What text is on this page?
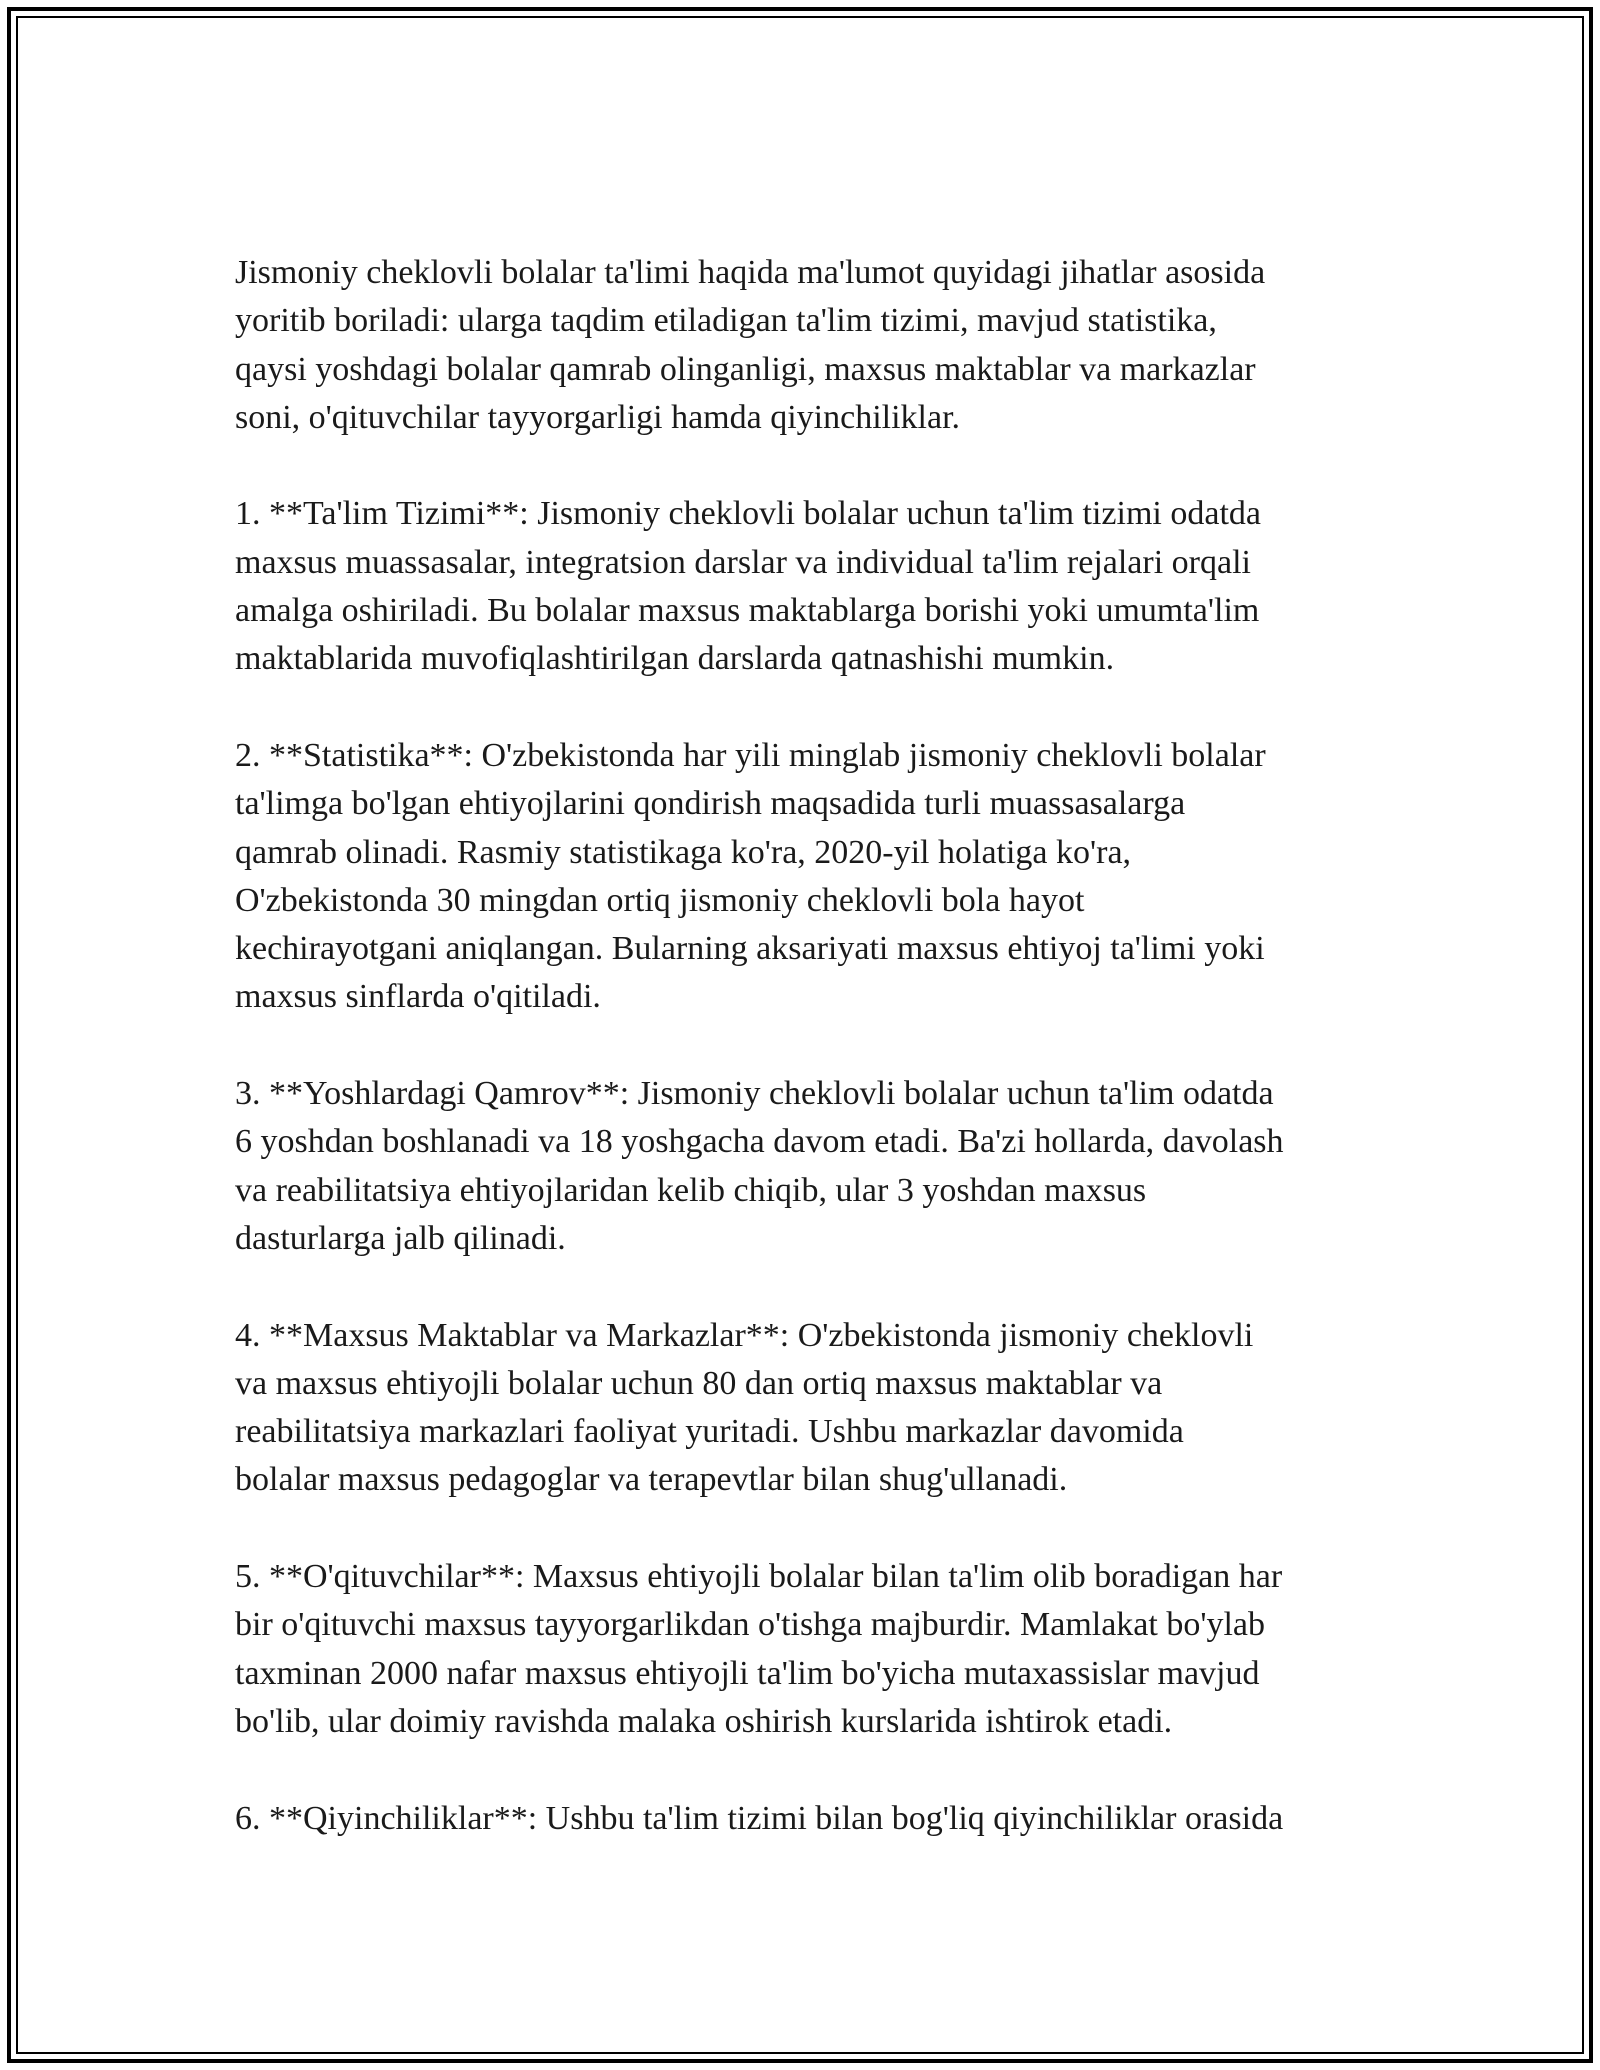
Jismoniy cheklovli bolalar ta'limi haqida ma'lumot quyidagi jihatlar asosida
yoritib boriladi: ularga taqdim etiladigan ta'lim tizimi, mavjud statistika,
qaysi yoshdagi bolalar qamrab olinganligi, maxsus maktablar va markazlar
soni, o'qituvchilar tayyorgarligi hamda qiyinchiliklar.

1. **Ta'lim Tizimi**: Jismoniy cheklovli bolalar uchun ta'lim tizimi odatda
maxsus muassasalar, integratsion darslar va individual ta'lim rejalari orqali
amalga oshiriladi. Bu bolalar maxsus maktablarga borishi yoki umumta'lim
maktablarida muvofiqlashtirilgan darslarda qatnashishi mumkin.

2. **Statistika**: O'zbekistonda har yili minglab jismoniy cheklovli bolalar
ta'limga bo'lgan ehtiyojlarini qondirish maqsadida turli muassasalarga
qamrab olinadi. Rasmiy statistikaga ko'ra, 2020-yil holatiga ko'ra,
O'zbekistonda 30 mingdan ortiq jismoniy cheklovli bola hayot
kechirayotgani aniqlangan. Bularning aksariyati maxsus ehtiyoj ta'limi yoki
maxsus sinflarda o'qitiladi.

3. **Yoshlardagi Qamrov**: Jismoniy cheklovli bolalar uchun ta'lim odatda
6 yoshdan boshlanadi va 18 yoshgacha davom etadi. Ba'zi hollarda, davolash
va reabilitatsiya ehtiyojlaridan kelib chiqib, ular 3 yoshdan maxsus
dasturlarga jalb qilinadi.

4. **Maxsus Maktablar va Markazlar**: O'zbekistonda jismoniy cheklovli
va maxsus ehtiyojli bolalar uchun 80 dan ortiq maxsus maktablar va
reabilitatsiya markazlari faoliyat yuritadi. Ushbu markazlar davomida
bolalar maxsus pedagoglar va terapevtlar bilan shug'ullanadi.

5. **O'qituvchilar**: Maxsus ehtiyojli bolalar bilan ta'lim olib boradigan har
bir o'qituvchi maxsus tayyorgarlikdan o'tishga majburdir. Mamlakat bo'ylab
taxminan 2000 nafar maxsus ehtiyojli ta'lim bo'yicha mutaxassislar mavjud
bo'lib, ular doimiy ravishda malaka oshirish kurslarida ishtirok etadi.

6. **Qiyinchiliklar**: Ushbu ta'lim tizimi bilan bog'liq qiyinchiliklar orasida
